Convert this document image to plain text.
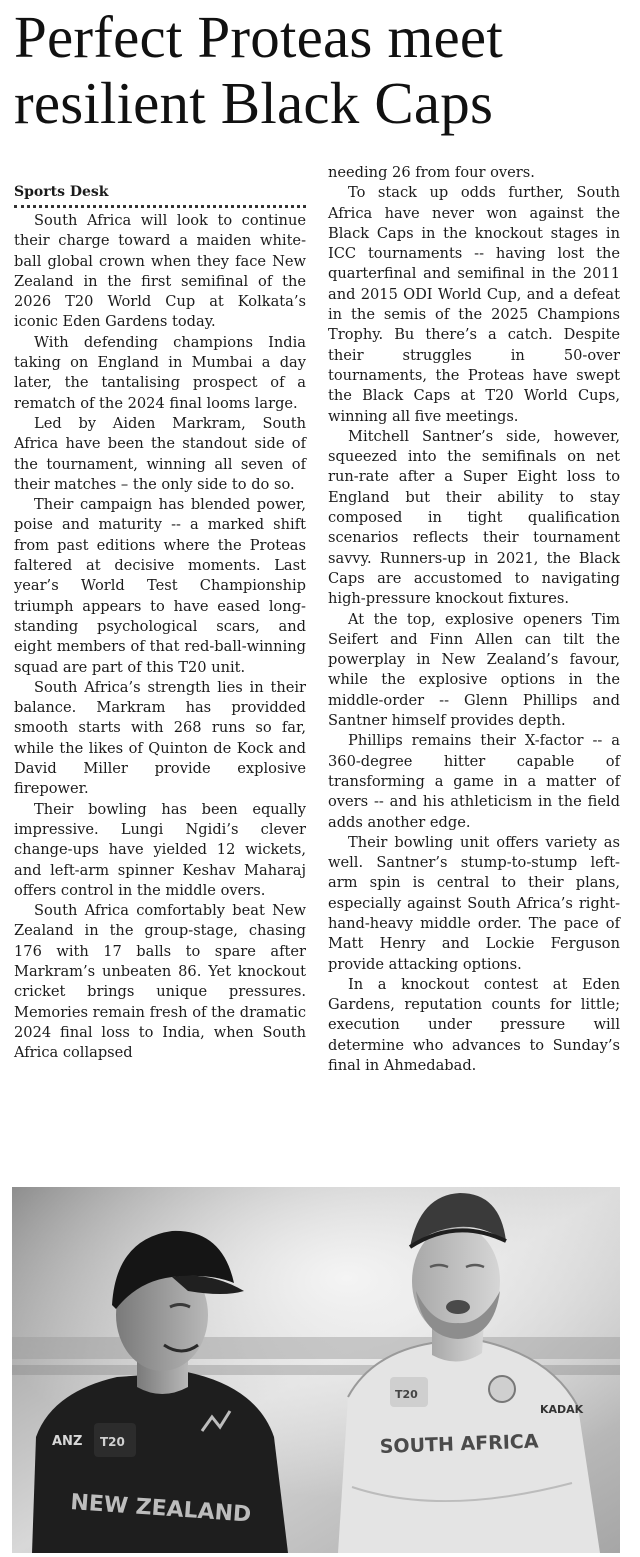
Perfect Proteas meet resilient Black Caps
Sports Desk

South Africa will look to continue their charge toward a maiden white-ball global crown when they face New Zealand in the first semifinal of the 2026 T20 World Cup at Kolkata’s iconic Eden Gardens today.

With defending champions India taking on England in Mumbai a day later, the tantalising prospect of a rematch of the 2024 final looms large.

Led by Aiden Markram, South Africa have been the standout side of the tournament, winning all seven of their matches – the only side to do so.

Their campaign has blended power, poise and maturity -- a marked shift from past editions where the Proteas faltered at decisive moments. Last year’s World Test Championship triumph appears to have eased long-standing psychological scars, and eight members of that red-ball-winning squad are part of this T20 unit.

South Africa’s strength lies in their balance. Markram has providded smooth starts with 268 runs so far, while the likes of Quinton de Kock and David Miller provide explosive firepower.

Their bowling has been equally impressive. Lungi Ngidi’s clever change-ups have yielded 12 wickets, and left-arm spinner Keshav Maharaj offers control in the middle overs.

South Africa comfortably beat New Zealand in the group-stage, chasing 176 with 17 balls to spare after Markram’s unbeaten 86. Yet knockout cricket brings unique pressures. Memories remain fresh of the dramatic 2024 final loss to India, when South Africa collapsed

needing 26 from four overs.

To stack up odds further, South Africa have never won against the Black Caps in the knockout stages in ICC tournaments -- having lost the quarterfinal and semifinal in the 2011 and 2015 ODI World Cup, and a defeat in the semis of the 2025 Champions Trophy. Bu there’s a catch. Despite their struggles in 50-over tournaments, the Proteas have swept the Black Caps at T20 World Cups, winning all five meetings.

Mitchell Santner’s side, however, squeezed into the semifinals on net run-rate after a Super Eight loss to England but their ability to stay composed in tight qualification scenarios reflects their tournament savvy. Runners-up in 2021, the Black Caps are accustomed to navigating high-pressure knockout fixtures.

At the top, explosive openers Tim Seifert and Finn Allen can tilt the powerplay in New Zealand’s favour, while the explosive options in the middle-order -- Glenn Phillips and Santner himself provides depth.

Phillips remains their X-factor -- a 360-degree hitter capable of transforming a game in a matter of overs -- and his athleticism in the field adds another edge.

Their bowling unit offers variety as well. Santner’s stump-to-stump left-arm spin is central to their plans, especially against South Africa’s right-hand-heavy middle order. The pace of Matt Henry and Lockie Ferguson provide attacking options.

In a knockout contest at Eden Gardens, reputation counts for little; execution under pressure will determine who advances to Sunday’s final in Ahmedabad.

ANZ T20
NEW ZEALAND
T20
KADAK
SOUTH AFRICA
